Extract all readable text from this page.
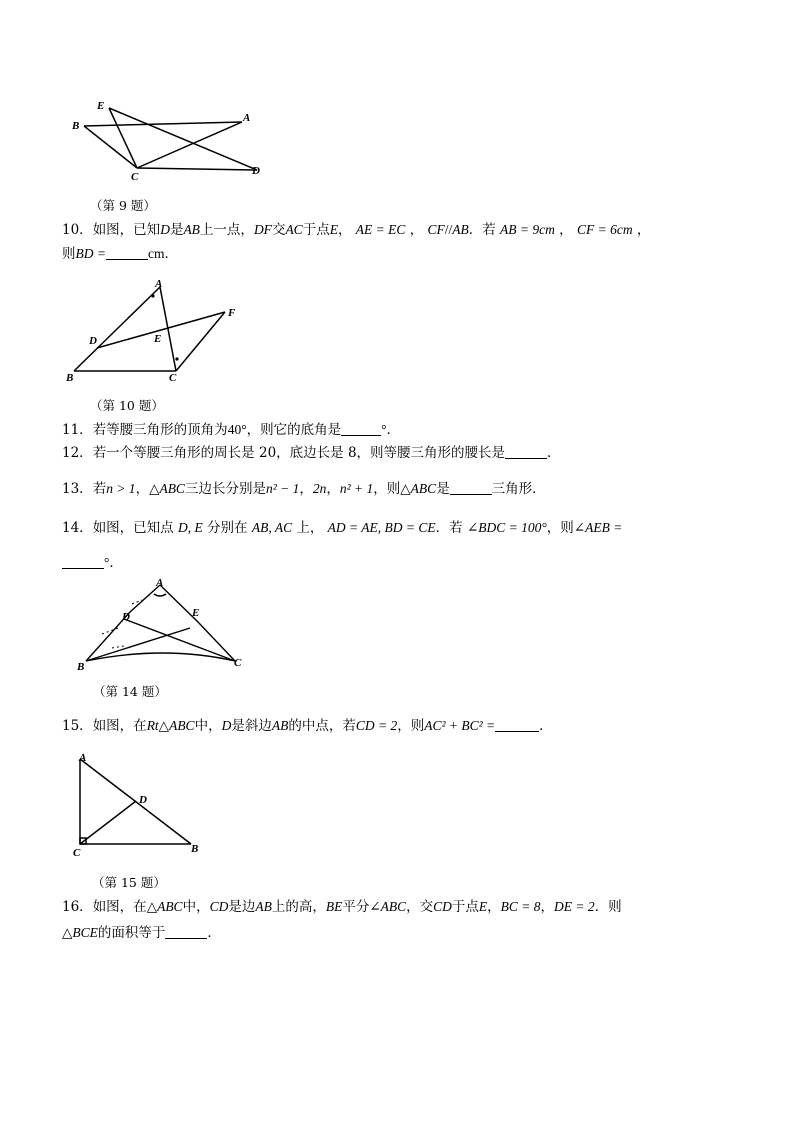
E
A
B
C	D
（第 9 题）
10．如图，已知D是AB上一点，DF交AC于点E， AE = EC ， CF//AB．若 AB = 9cm ， CF = 6cm ，
则BD =	cm．
A
D	E
F
B	C
（第 10 题）
11．若等腰三角形的顶角为40°，则它的底角是	°．
12．若一个等腰三角形的周长是 20，底边长是 8，则等腰三角形的腰长是	．
13．若n > 1，△ABC三边长分别是n² − 1，2n，n² + 1，则△ABC是	三角形．
14．如图，已知点 D, E 分别在 AB, AC 上， AD = AE, BD = CE．若 ∠BDC = 100°，则∠AEB =
°．
A
D	E
B	C
（第 14 题）
15．如图，在Rt△ABC中，D是斜边AB的中点，若CD = 2，则AC² + BC² =	．
A
D
C	B
（第 15 题）
16．如图，在△ABC中，CD是边AB上的高，BE平分∠ABC，交CD于点E，BC = 8，DE = 2．则
△BCE的面积等于	．
